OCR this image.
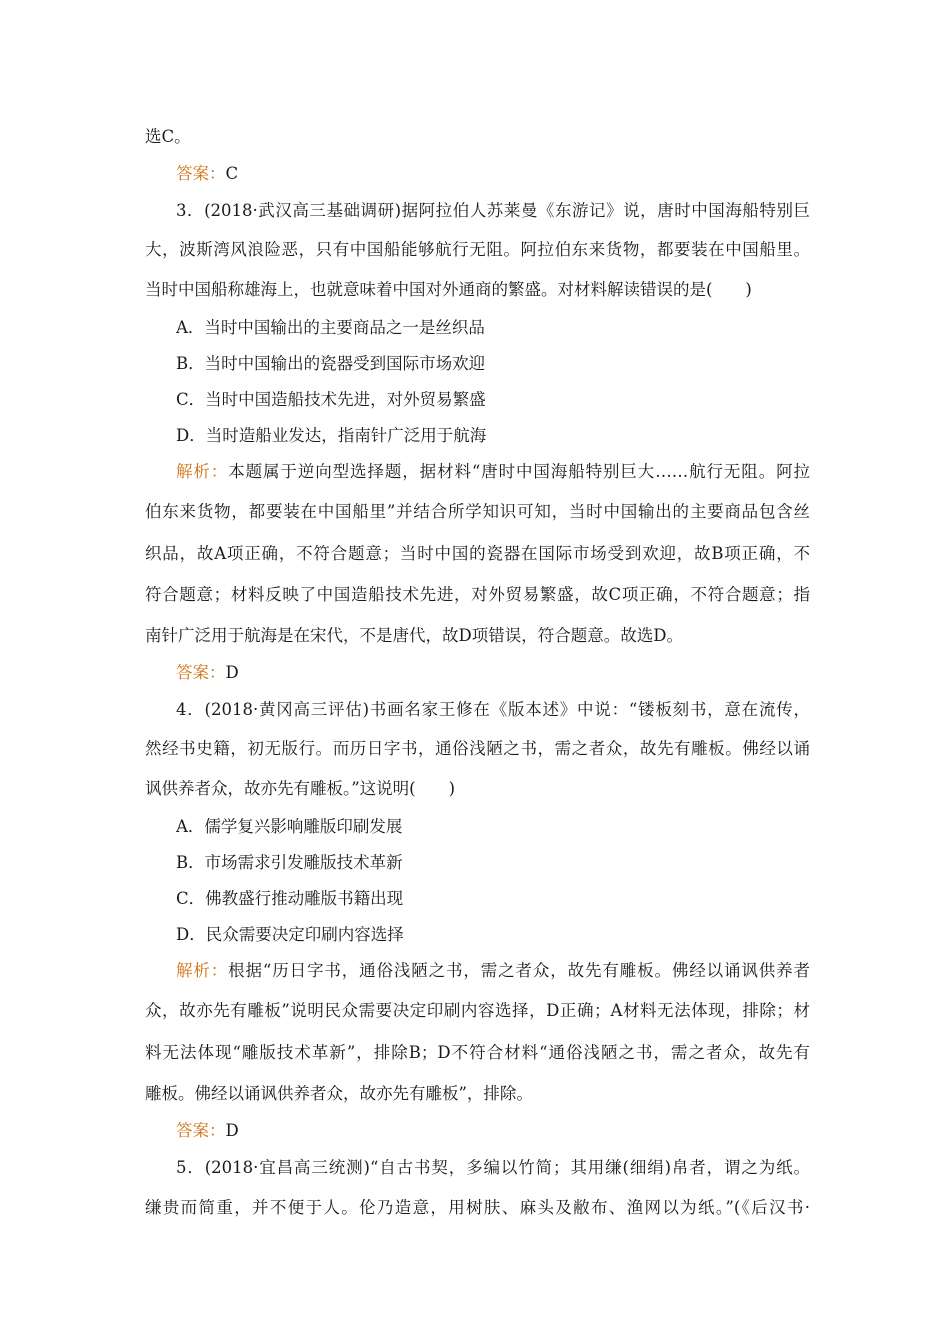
选C。
答案：C
3．(2018·武汉高三基础调研)据阿拉伯人苏莱曼《东游记》说，唐时中国海船特别巨
大，波斯湾风浪险恶，只有中国船能够航行无阻。阿拉伯东来货物，都要装在中国船里。
当时中国船称雄海上，也就意味着中国对外通商的繁盛。对材料解读错误的是(　　)
A．当时中国输出的主要商品之一是丝织品
B．当时中国输出的瓷器受到国际市场欢迎
C．当时中国造船技术先进，对外贸易繁盛
D．当时造船业发达，指南针广泛用于航海
解析：本题属于逆向型选择题，据材料“唐时中国海船特别巨大……航行无阻。阿拉
伯东来货物，都要装在中国船里”并结合所学知识可知，当时中国输出的主要商品包含丝
织品，故A项正确，不符合题意；当时中国的瓷器在国际市场受到欢迎，故B项正确，不
符合题意；材料反映了中国造船技术先进，对外贸易繁盛，故C项正确，不符合题意；指
南针广泛用于航海是在宋代，不是唐代，故D项错误，符合题意。故选D。
答案：D
4．(2018·黄冈高三评估)书画名家王修在《版本述》中说：“镂板刻书，意在流传，
然经书史籍，初无版行。而历日字书，通俗浅陋之书，需之者众，故先有雕板。佛经以诵
讽供养者众，故亦先有雕板。”这说明(　　)
A．儒学复兴影响雕版印刷发展
B．市场需求引发雕版技术革新
C．佛教盛行推动雕版书籍出现
D．民众需要决定印刷内容选择
解析：根据“历日字书，通俗浅陋之书，需之者众，故先有雕板。佛经以诵讽供养者
众，故亦先有雕板”说明民众需要决定印刷内容选择，D正确；A材料无法体现，排除；材
料无法体现“雕版技术革新”，排除B；D不符合材料“通俗浅陋之书，需之者众，故先有
雕板。佛经以诵讽供养者众，故亦先有雕板”，排除。
答案：D
5．(2018·宜昌高三统测)“自古书契，多编以竹简；其用缣(细绢)帛者，谓之为纸。
缣贵而简重，并不便于人。伦乃造意，用树肤、麻头及敝布、渔网以为纸。”(《后汉书·
